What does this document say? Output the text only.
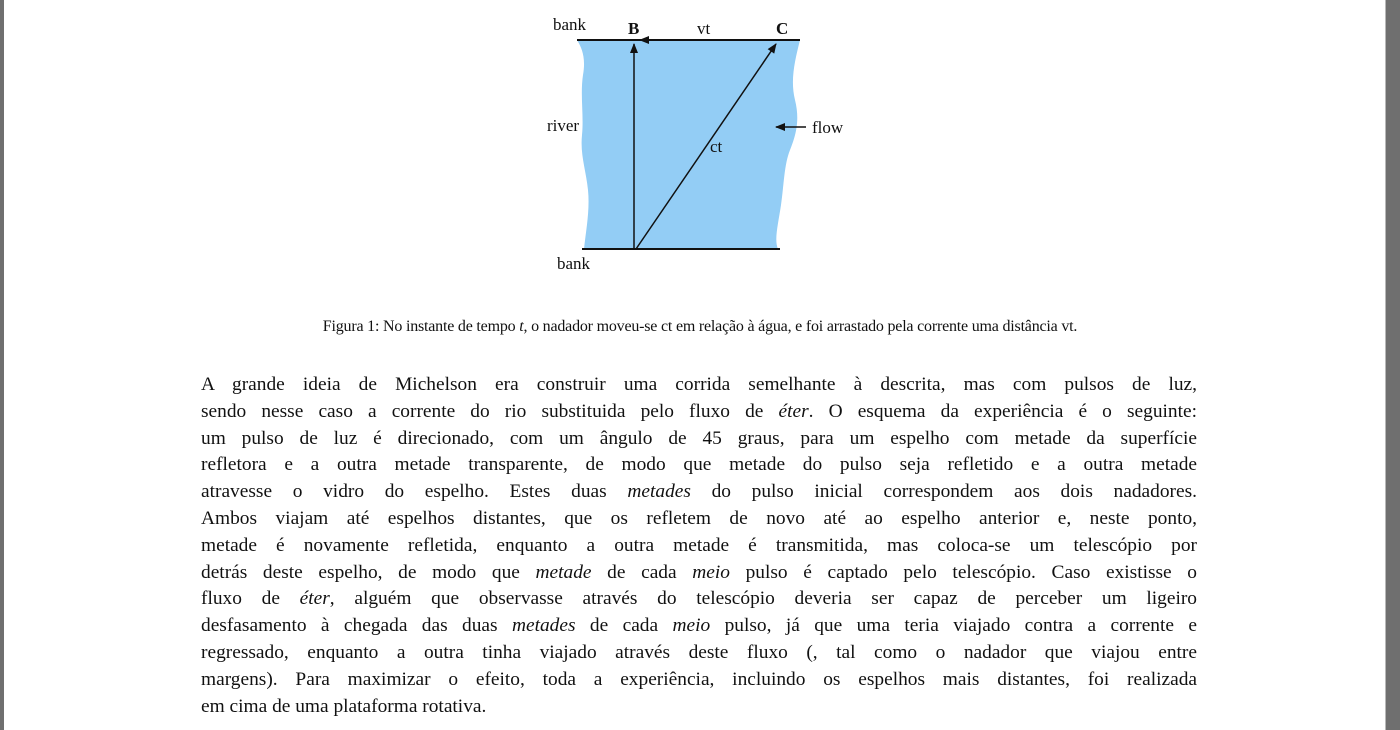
bank B	vt	C
river
ct
flow
bank
Figura 1: No instante de tempo t, o nadador moveu-se ct em relação à água, e foi arrastado pela corrente uma distância vt.
A grande ideia de Michelson era construir uma corrida semelhante à descrita, mas com pulsos de luz,
sendo nesse caso a corrente do rio substituida pelo fluxo de éter. O esquema da experiência é o seguinte:
um pulso de luz é direcionado, com um ângulo de 45 graus, para um espelho com metade da superfície
refletora e a outra metade transparente, de modo que metade do pulso seja refletido e a outra metade
atravesse o vidro do espelho. Estes duas metades do pulso inicial correspondem aos dois nadadores.
Ambos viajam até espelhos distantes, que os refletem de novo até ao espelho anterior e, neste ponto,
metade é novamente refletida, enquanto a outra metade é transmitida, mas coloca-se um telescópio por
detrás deste espelho, de modo que metade de cada meio pulso é captado pelo telescópio. Caso existisse o
fluxo de éter, alguém que observasse através do telescópio deveria ser capaz de perceber um ligeiro
desfasamento à chegada das duas metades de cada meio pulso, já que uma teria viajado contra a corrente e
regressado, enquanto a outra tinha viajado através deste fluxo (, tal como o nadador que viajou entre
margens). Para maximizar o efeito, toda a experiência, incluindo os espelhos mais distantes, foi realizada
em cima de uma plataforma rotativa.
